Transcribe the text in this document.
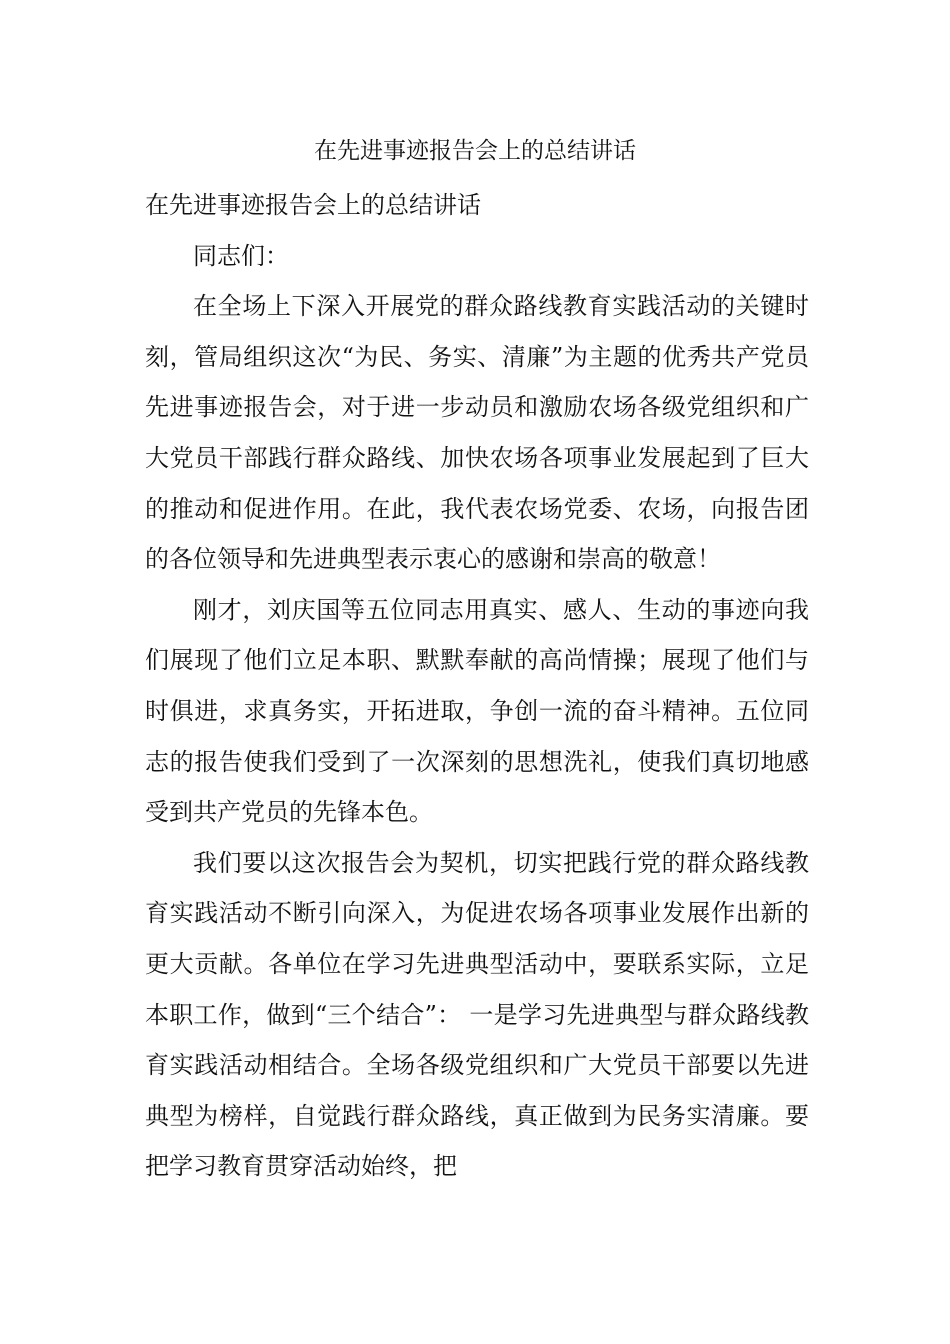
在先进事迹报告会上的总结讲话

在先进事迹报告会上的总结讲话

同志们：

在全场上下深入开展党的群众路线教育实践活动的关键时刻，管局组织这次“为民、务实、清廉”为主题的优秀共产党员先进事迹报告会，对于进一步动员和激励农场各级党组织和广大党员干部践行群众路线、加快农场各项事业发展起到了巨大的推动和促进作用。在此，我代表农场党委、农场，向报告团的各位领导和先进典型表示衷心的感谢和崇高的敬意！

刚才，刘庆国等五位同志用真实、感人、生动的事迹向我们展现了他们立足本职、默默奉献的高尚情操；展现了他们与时俱进，求真务实，开拓进取，争创一流的奋斗精神。五位同志的报告使我们受到了一次深刻的思想洗礼，使我们真切地感受到共产党员的先锋本色。

我们要以这次报告会为契机，切实把践行党的群众路线教育实践活动不断引向深入，为促进农场各项事业发展作出新的更大贡献。各单位在学习先进典型活动中，要联系实际，立足本职工作，做到“三个结合”： 一是学习先进典型与群众路线教育实践活动相结合。全场各级党组织和广大党员干部要以先进典型为榜样，自觉践行群众路线，真正做到为民务实清廉。要把学习教育贯穿活动始终，把
